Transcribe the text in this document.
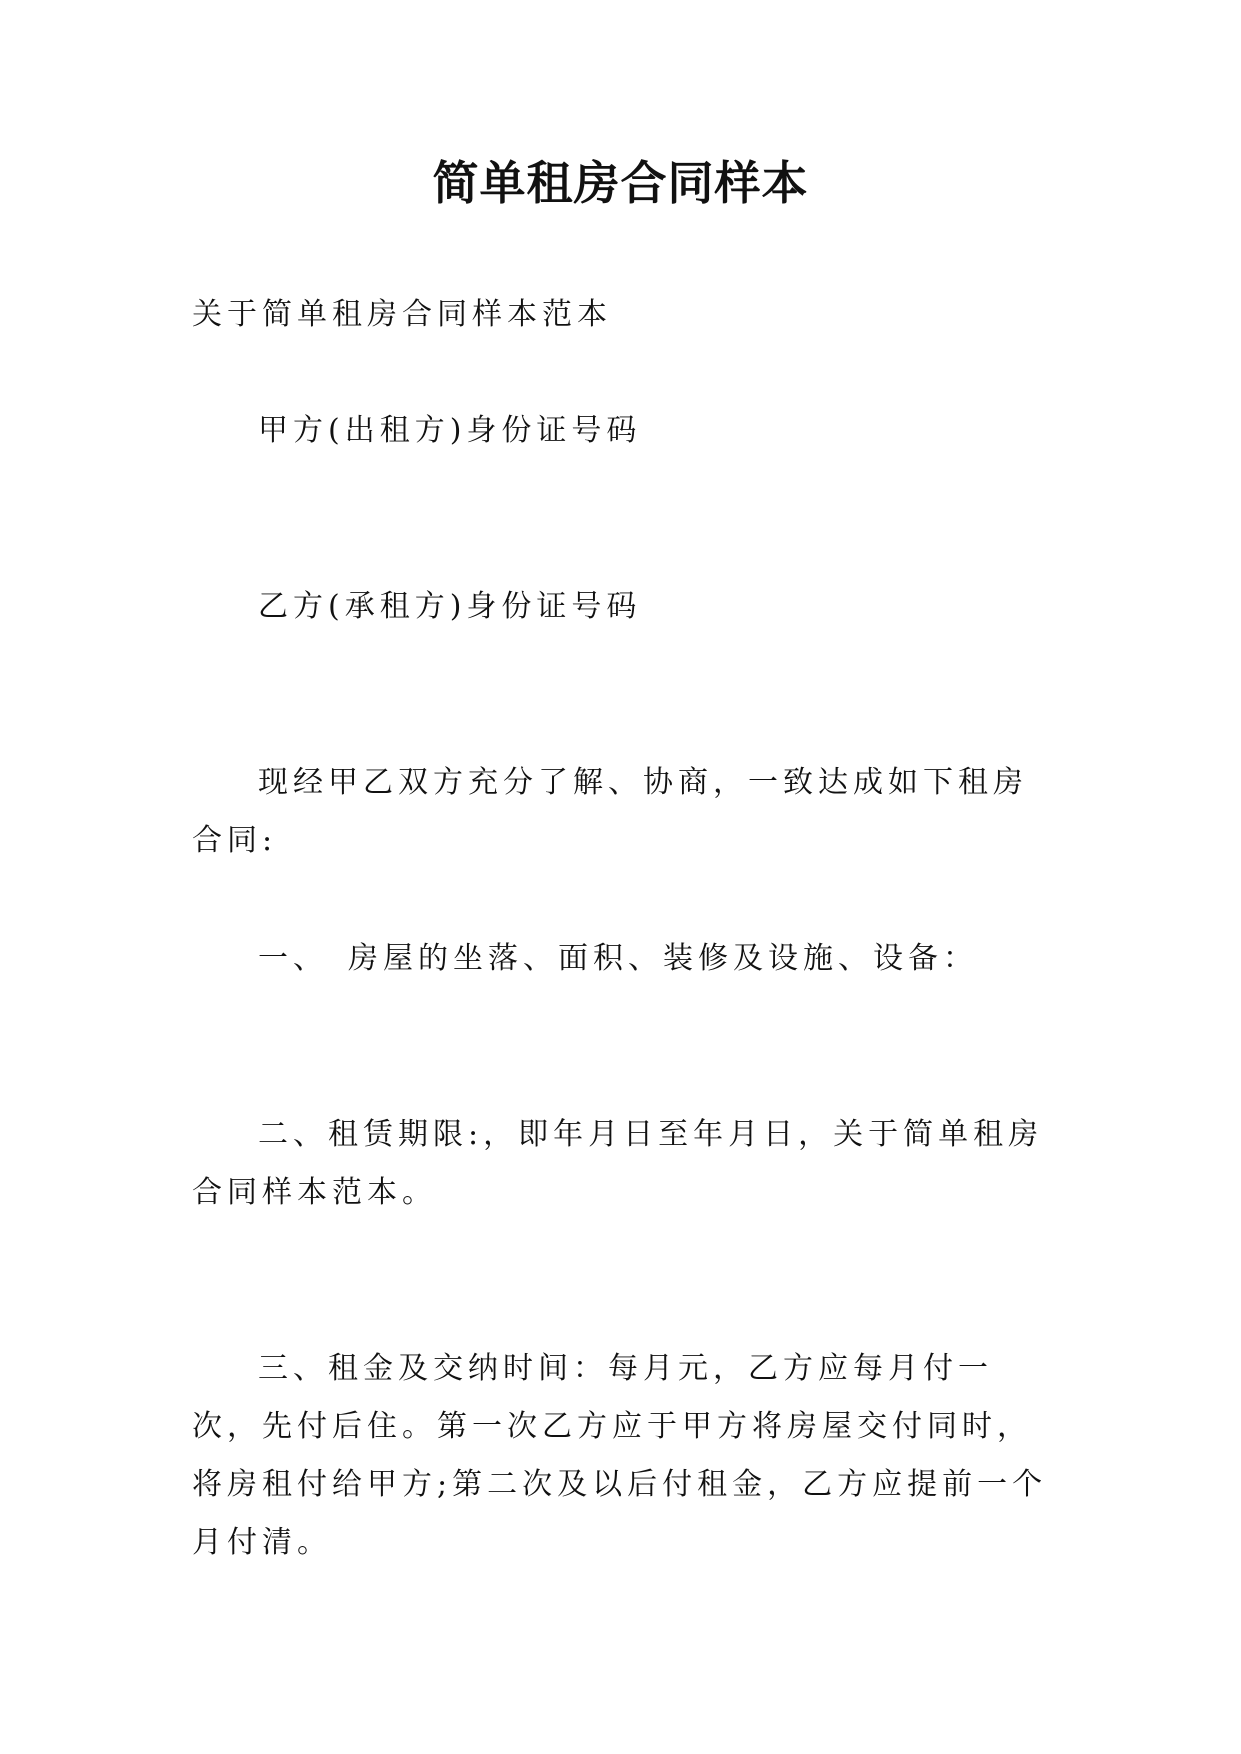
简单租房合同样本

关于简单租房合同样本范本

甲方(出租方)身份证号码

乙方(承租方)身份证号码

现经甲乙双方充分了解、协商，一致达成如下租房合同:

一、　房屋的坐落、面积、装修及设施、设备：

二、租赁期限:，即年月日至年月日，关于简单租房合同样本范本。

三、租金及交纳时间：每月元，乙方应每月付一次，先付后住。第一次乙方应于甲方将房屋交付同时，将房租付给甲方;第二次及以后付租金，乙方应提前一个月付清。
